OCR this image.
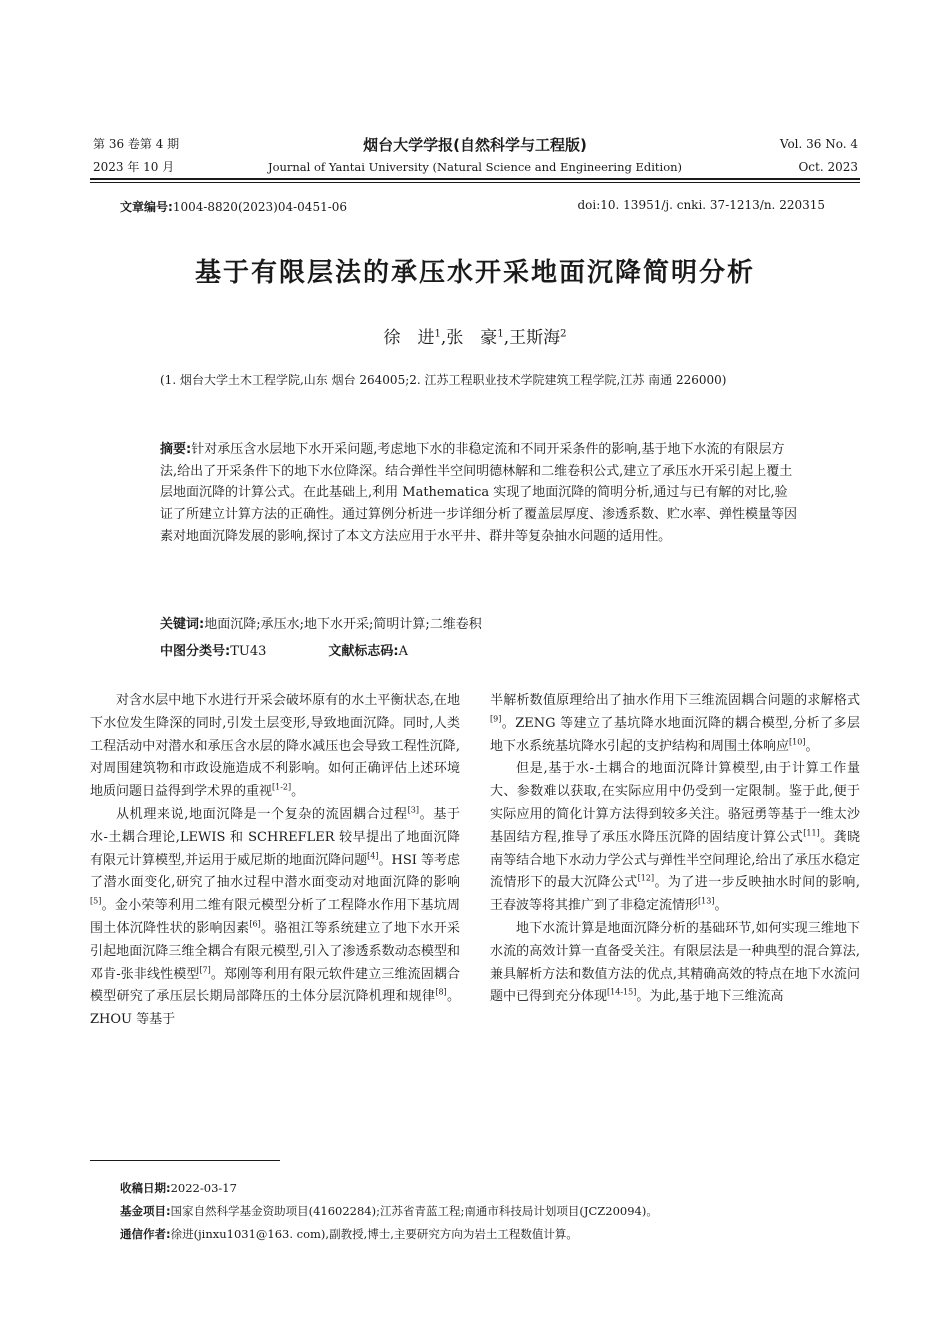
第 36 卷第 4 期
2023 年 10 月
烟台大学学报(自然科学与工程版)
Journal of Yantai University (Natural Science and Engineering Edition)
Vol. 36 No. 4
Oct. 2023
文章编号:1004-8820(2023)04-0451-06	doi:10. 13951/j. cnki. 37-1213/n. 220315
基于有限层法的承压水开采地面沉降简明分析
徐　进$^1$,张　豪$^1$,王斯海$^2$
(1. 烟台大学土木工程学院,山东 烟台 264005;2. 江苏工程职业技术学院建筑工程学院,江苏 南通 226000)
摘要:针对承压含水层地下水开采问题,考虑地下水的非稳定流和不同开采条件的影响,基于地下水流的有限层方法,给出了开采条件下的地下水位降深。结合弹性半空间明德林解和二维卷积公式,建立了承压水开采引起上覆土层地面沉降的计算公式。在此基础上,利用 Mathematica 实现了地面沉降的简明分析,通过与已有解的对比,验证了所建立计算方法的正确性。通过算例分析进一步详细分析了覆盖层厚度、渗透系数、贮水率、弹性模量等因素对地面沉降发展的影响,探讨了本文方法应用于水平井、群井等复杂抽水问题的适用性。
关键词:地面沉降;承压水;地下水开采;简明计算;二维卷积
中图分类号:TU43	文献标志码:A

对含水层中地下水进行开采会破坏原有的水土平衡状态,在地下水位发生降深的同时,引发土层变形,导致地面沉降。同时,人类工程活动中对潜水和承压含水层的降水减压也会导致工程性沉降,对周围建筑物和市政设施造成不利影响。如何正确评估上述环境地质问题日益得到学术界的重视[1-2]。

从机理来说,地面沉降是一个复杂的流固耦合过程[3]。基于水-土耦合理论,LEWIS 和 SCHREFLER 较早提出了地面沉降有限元计算模型,并运用于威尼斯的地面沉降问题[4]。HSI 等考虑了潜水面变化,研究了抽水过程中潜水面变动对地面沉降的影响[5]。金小荣等利用二维有限元模型分析了工程降水作用下基坑周围土体沉降性状的影响因素[6]。骆祖江等系统建立了地下水开采引起地面沉降三维全耦合有限元模型,引入了渗透系数动态模型和邓肯-张非线性模型[7]。郑刚等利用有限元软件建立三维流固耦合模型研究了承压层长期局部降压的土体分层沉降机理和规律[8]。ZHOU 等基于

半解析数值原理给出了抽水作用下三维流固耦合问题的求解格式[9]。ZENG 等建立了基坑降水地面沉降的耦合模型,分析了多层地下水系统基坑降水引起的支护结构和周围土体响应[10]。

但是,基于水-土耦合的地面沉降计算模型,由于计算工作量大、参数难以获取,在实际应用中仍受到一定限制。鉴于此,便于实际应用的简化计算方法得到较多关注。骆冠勇等基于一维太沙基固结方程,推导了承压水降压沉降的固结度计算公式[11]。龚晓南等结合地下水动力学公式与弹性半空间理论,给出了承压水稳定流情形下的最大沉降公式[12]。为了进一步反映抽水时间的影响,王春波等将其推广到了非稳定流情形[13]。

地下水流计算是地面沉降分析的基础环节,如何实现三维地下水流的高效计算一直备受关注。有限层法是一种典型的混合算法,兼具解析方法和数值方法的优点,其精确高效的特点在地下水流问题中已得到充分体现[14-15]。为此,基于地下三维流高

收稿日期:2022-03-17
基金项目:国家自然科学基金资助项目(41602284);江苏省青蓝工程;南通市科技局计划项目(JCZ20094)。
通信作者:徐进(jinxu1031@163. com),副教授,博士,主要研究方向为岩土工程数值计算。
